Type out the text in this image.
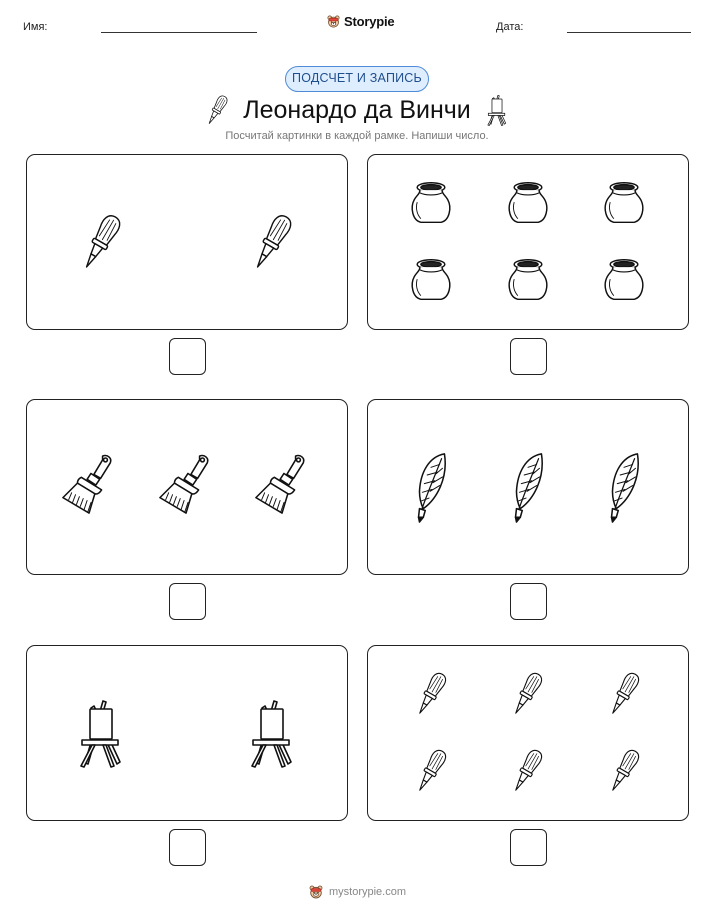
Имя:	Storypie	Дата:
ПОДСЧЕТ И ЗАПИСЬ
Леонардо да Винчи
Посчитай картинки в каждой рамке. Напиши число.
mystorypie.com
